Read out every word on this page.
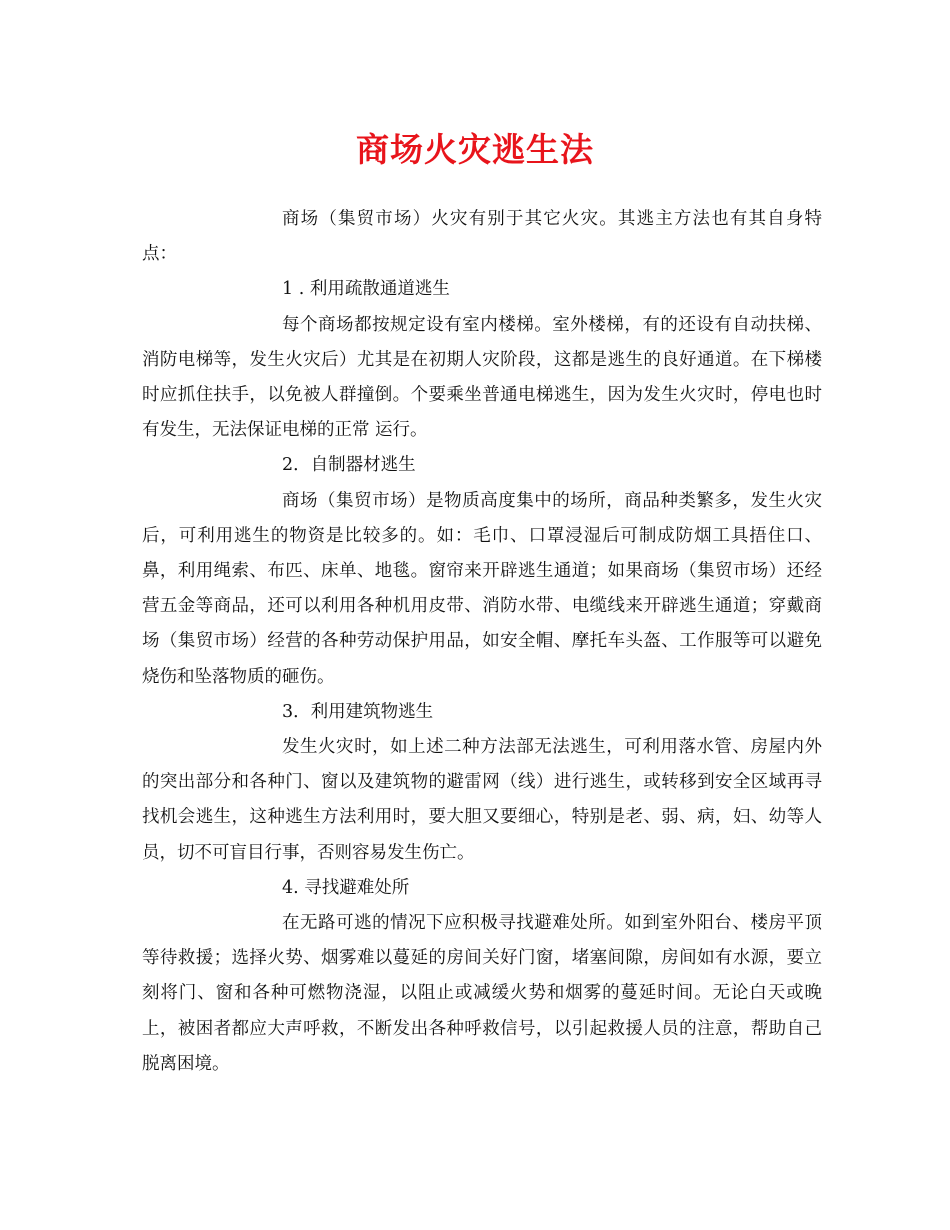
商场火灾逃生法

商场（集贸市场）火灾有别于其它火灾。其逃主方法也有其自身特点：

1 . 利用疏散通道逃生

每个商场都按规定设有室内楼梯。室外楼梯，有的还设有自动扶梯、 消防电梯等，发生火灾后）尤其是在初期人灾阶段，这都是逃生的良好通道。在下梯楼时应抓住扶手，以免被人群撞倒。个要乘坐普通电梯逃生，因为发生火灾时，停电也时有发生，无法保证电梯的正常 运行。

2．自制器材逃生

商场（集贸市场）是物质高度集中的场所，商品种类繁多，发生火灾后，可利用逃生的物资是比较多的。如：毛巾、口罩浸湿后可制成防烟工具捂住口、鼻，利用绳索、布匹、床单、地毯。窗帘来开辟逃生通道；如果商场（集贸市场）还经营五金等商品，还可以利用各种机用皮带、消防水带、电缆线来开辟逃生通道；穿戴商场（集贸市场）经营的各种劳动保护用品，如安全帽、摩托车头盔、工作服等可以避免烧伤和坠落物质的砸伤。

3．利用建筑物逃生

发生火灾时，如上述二种方法部无法逃生，可利用落水管、房屋内外的突出部分和各种门、窗以及建筑物的避雷网（线）进行逃生，或转移到安全区域再寻找机会逃生，这种逃生方法利用时，要大胆又要细心，特别是老、弱、病，妇、幼等人员，切不可盲目行事，否则容易发生伤亡。

4. 寻找避难处所

在无路可逃的情况下应积极寻找避难处所。如到室外阳台、楼房平顶等待救援；选择火势、烟雾难以蔓延的房间关好门窗，堵塞间隙，房间如有水源，要立刻将门、窗和各种可燃物浇湿，以阻止或减缓火势和烟雾的蔓延时间。无论白天或晚上，被困者都应大声呼救，不断发出各种呼救信号，以引起救援人员的注意，帮助自己脱离困境。
